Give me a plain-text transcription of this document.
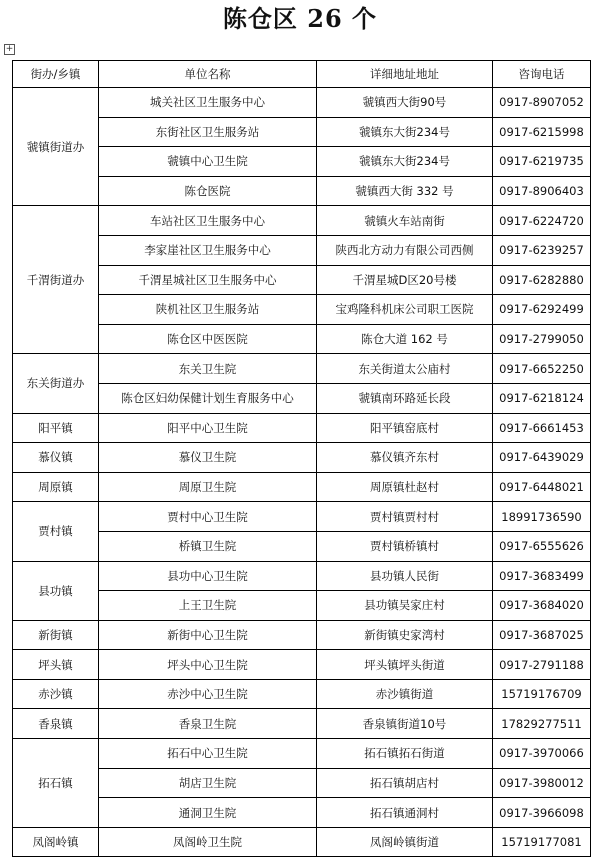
陈仓区 26 个
+
街办/乡镇	单位名称	详细地址地址	咨询电话
虢镇街道办	城关社区卫生服务中心	虢镇西大街90号	0917-8907052
	东街社区卫生服务站	虢镇东大街234号	0917-6215998
	虢镇中心卫生院	虢镇东大街234号	0917-6219735
	陈仓医院	虢镇西大街 332 号	0917-8906403
千渭街道办	车站社区卫生服务中心	虢镇火车站南街	0917-6224720
	李家崖社区卫生服务中心	陕西北方动力有限公司西侧	0917-6239257
	千渭星城社区卫生服务中心	千渭星城D区20号楼	0917-6282880
	陕机社区卫生服务站	宝鸡隆科机床公司职工医院	0917-6292499
	陈仓区中医医院	陈仓大道 162 号	0917-2799050
东关街道办	东关卫生院	东关街道太公庙村	0917-6652250
	陈仓区妇幼保健计划生育服务中心	虢镇南环路延长段	0917-6218124
阳平镇	阳平中心卫生院	阳平镇窑底村	0917-6661453
慕仪镇	慕仪卫生院	慕仪镇齐东村	0917-6439029
周原镇	周原卫生院	周原镇杜赵村	0917-6448021
贾村镇	贾村中心卫生院	贾村镇贾村村	18991736590
	桥镇卫生院	贾村镇桥镇村	0917-6555626
县功镇	县功中心卫生院	县功镇人民街	0917-3683499
	上王卫生院	县功镇吴家庄村	0917-3684020
新街镇	新街中心卫生院	新街镇史家湾村	0917-3687025
坪头镇	坪头中心卫生院	坪头镇坪头街道	0917-2791188
赤沙镇	赤沙中心卫生院	赤沙镇街道	15719176709
香泉镇	香泉卫生院	香泉镇街道10号	17829277511
拓石镇	拓石中心卫生院	拓石镇拓石街道	0917-3970066
	胡店卫生院	拓石镇胡店村	0917-3980012
	通洞卫生院	拓石镇通洞村	0917-3966098
凤阁岭镇	凤阁岭卫生院	凤阁岭镇街道	15719177081
